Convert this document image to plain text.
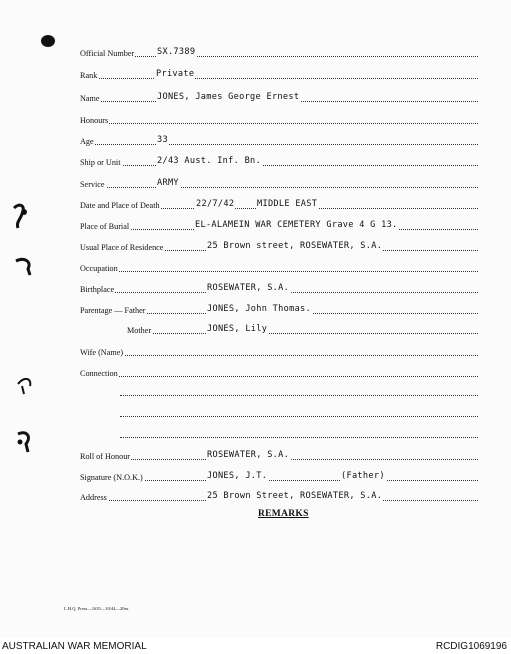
Official Number	SX.7389
Rank	Private
Name	JONES, James George Ernest
Honours
Age	33
Ship or Unit	2/43 Aust. Inf. Bn.
Service	ARMY
Date and Place of Death	22/7/42	MIDDLE EAST
Place of Burial	EL-ALAMEIN WAR CEMETERY Grave 4 G 13.
Usual Place of Residence	25 Brown street, ROSEWATER, S.A.
Occupation
Birthplace	ROSEWATER, S.A.
Parentage — Father	JONES, John Thomas.
Mother	JONES, Lily
Wife (Name)
Connection
Roll of Honour	ROSEWATER, S.A.
Signature (N.O.K.)	JONES, J.T.	(Father)
Address	25 Brown Street, ROSEWATER, S.A.
REMARKS
L.H.Q. Press—1635—10/44—20m.
AUSTRALIAN WAR MEMORIAL	RCDIG1069196
